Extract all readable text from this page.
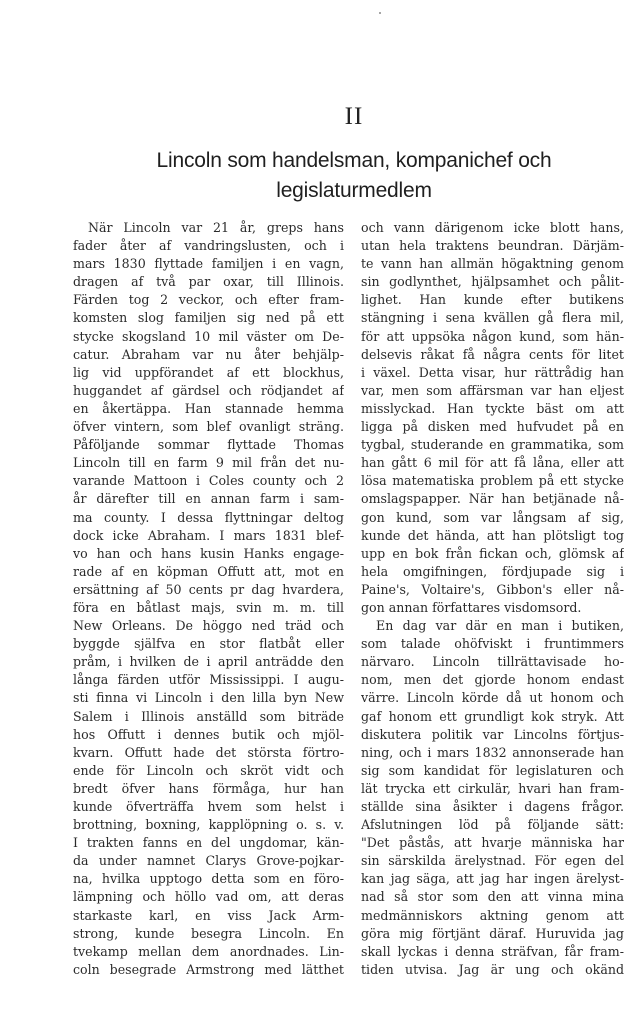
II
Lincoln som handelsman, kompanichef och
legislaturmedlem
När Lincoln var 21 år, greps hans
fader åter af vandringslusten, och i
mars 1830 flyttade familjen i en vagn,
dragen af två par oxar, till Illinois.
Färden tog 2 veckor, och efter fram-
komsten slog familjen sig ned på ett
stycke skogsland 10 mil väster om De-
catur. Abraham var nu åter behjälp-
lig vid uppförandet af ett blockhus,
huggandet af gärdsel och rödjandet af
en åkertäppa. Han stannade hemma
öfver vintern, som blef ovanligt sträng.
Påföljande sommar flyttade Thomas
Lincoln till en farm 9 mil från det nu-
varande Mattoon i Coles county och 2
år därefter till en annan farm i sam-
ma county. I dessa flyttningar deltog
dock icke Abraham. I mars 1831 blef-
vo han och hans kusin Hanks engage-
rade af en köpman Offutt att, mot en
ersättning af 50 cents pr dag hvardera,
föra en båtlast majs, svin m. m. till
New Orleans. De höggo ned träd och
byggde själfva en stor flatbåt eller
pråm, i hvilken de i april anträdde den
långa färden utför Mississippi. I augu-
sti finna vi Lincoln i den lilla byn New
Salem i Illinois anställd som biträde
hos Offutt i dennes butik och mjöl-
kvarn. Offutt hade det största förtro-
ende för Lincoln och skröt vidt och
bredt öfver hans förmåga, hur han
kunde öfverträffa hvem som helst i
brottning, boxning, kapplöpning o. s. v.
I trakten fanns en del ungdomar, kän-
da under namnet Clarys Grove-pojkar-
na, hvilka upptogo detta som en föro-
lämpning och höllo vad om, att deras
starkaste karl, en viss Jack Arm-
strong, kunde besegra Lincoln. En
tvekamp mellan dem anordnades. Lin-
coln besegrade Armstrong med lätthet
och vann därigenom icke blott hans,
utan hela traktens beundran. Därjäm-
te vann han allmän högaktning genom
sin godlynthet, hjälpsamhet och pålit-
lighet. Han kunde efter butikens
stängning i sena kvällen gå flera mil,
för att uppsöka någon kund, som hän-
delsevis råkat få några cents för litet
i växel. Detta visar, hur rättrådig han
var, men som affärsman var han eljest
misslyckad. Han tyckte bäst om att
ligga på disken med hufvudet på en
tygbal, studerande en grammatika, som
han gått 6 mil för att få låna, eller att
lösa matematiska problem på ett stycke
omslagspapper. När han betjänade nå-
gon kund, som var långsam af sig,
kunde det hända, att han plötsligt tog
upp en bok från fickan och, glömsk af
hela omgifningen, fördjupade sig i
Paine's, Voltaire's, Gibbon's eller nå-
gon annan författares visdomsord.
En dag var där en man i butiken,
som talade ohöfviskt i fruntimmers
närvaro. Lincoln tillrättavisade ho-
nom, men det gjorde honom endast
värre. Lincoln körde då ut honom och
gaf honom ett grundligt kok stryk. Att
diskutera politik var Lincolns förtjus-
ning, och i mars 1832 annonserade han
sig som kandidat för legislaturen och
lät trycka ett cirkulär, hvari han fram-
ställde sina åsikter i dagens frågor.
Afslutningen löd på följande sätt:
"Det påstås, att hvarje människa har
sin särskilda ärelystnad. För egen del
kan jag säga, att jag har ingen ärelyst-
nad så stor som den att vinna mina
medmänniskors aktning genom att
göra mig förtjänt däraf. Huruvida jag
skall lyckas i denna sträfvan, får fram-
tiden utvisa. Jag är ung och okänd
